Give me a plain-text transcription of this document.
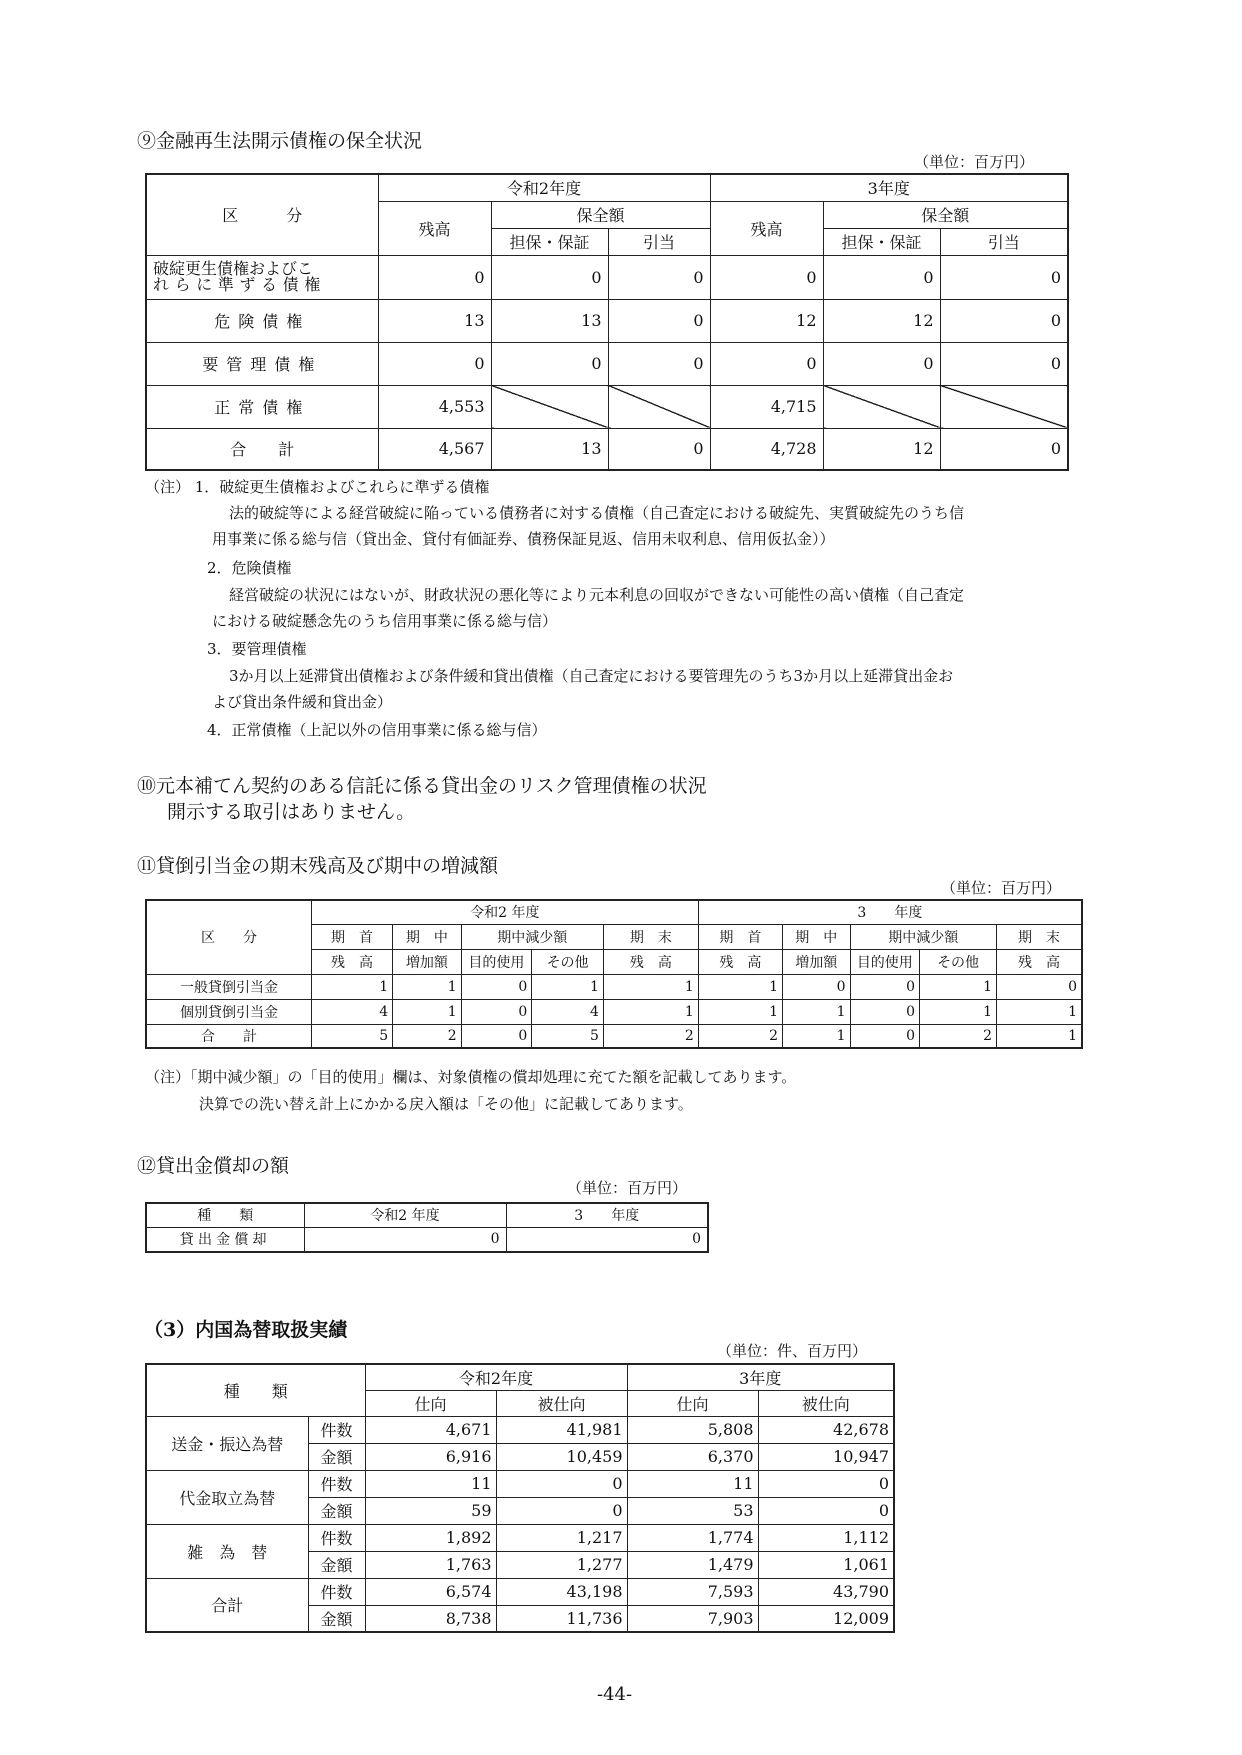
⑨金融再生法開示債権の保全状況
（単位：百万円）
区　　　分	令和2年度			3年度		
	残高	保全額		残高	保全額	
		担保・保証	引当		担保・保証	引当

破綻更生債権およびこ
れらに準ずる債権	0	0	0	0	0	0
危険債権	13	13	0	12	12	0
要管理債権	0	0	0	0	0	0
正常債権	4,553			4,715		
合　　計	4,567	13	0	4,728	12	0
（注） 1．破綻更生債権およびこれらに準ずる債権
法的破綻等による経営破綻に陥っている債務者に対する債権（自己査定における破綻先、実質破綻先のうち信
用事業に係る総与信（貸出金、貸付有価証券、債務保証見返、信用未収利息、信用仮払金））
2．危険債権
経営破綻の状況にはないが、財政状況の悪化等により元本利息の回収ができない可能性の高い債権（自己査定
における破綻懸念先のうち信用事業に係る総与信）
3．要管理債権
3か月以上延滞貸出債権および条件緩和貸出債権（自己査定における要管理先のうち3か月以上延滞貸出金お
よび貸出条件緩和貸出金）
4．正常債権（上記以外の信用事業に係る総与信）
⑩元本補てん契約のある信託に係る貸出金のリスク管理債権の状況
開示する取引はありません。
⑪貸倒引当金の期末残高及び期中の増減額
（単位：百万円）
区　　分	令和2 年度					3　　年度				
	期　首	期　中	期中減少額		期　末	期　首	期　中	期中減少額		期　末
	残　高	増加額	目的使用	その他	残　高	残　高	増加額	目的使用	その他	残　高
一般貸倒引当金	1	1	0	1	1	1	0	0	1	0
個別貸倒引当金	4	1	0	4	1	1	1	0	1	1
合　　計	5	2	0	5	2	2	1	0	2	1
（注）「期中減少額」の「目的使用」欄は、対象債権の償却処理に充てた額を記載してあります。
決算での洗い替え計上にかかる戻入額は「その他」に記載してあります。
⑫貸出金償却の額
（単位：百万円）
種　　類	令和2 年度	3　　年度
貸出金償却	0	0
（3）内国為替取扱実績
（単位：件、百万円）
種　　類		令和2年度		3年度	
		仕向	被仕向	仕向	被仕向
送金・振込為替	件数	4,671	41,981	5,808	42,678
	金額	6,916	10,459	6,370	10,947
代金取立為替	件数	11	0	11	0
	金額	59	0	53	0
雑　為　替	件数	1,892	1,217	1,774	1,112
	金額	1,763	1,277	1,479	1,061
合計	件数	6,574	43,198	7,593	43,790
	金額	8,738	11,736	7,903	12,009
-44-
